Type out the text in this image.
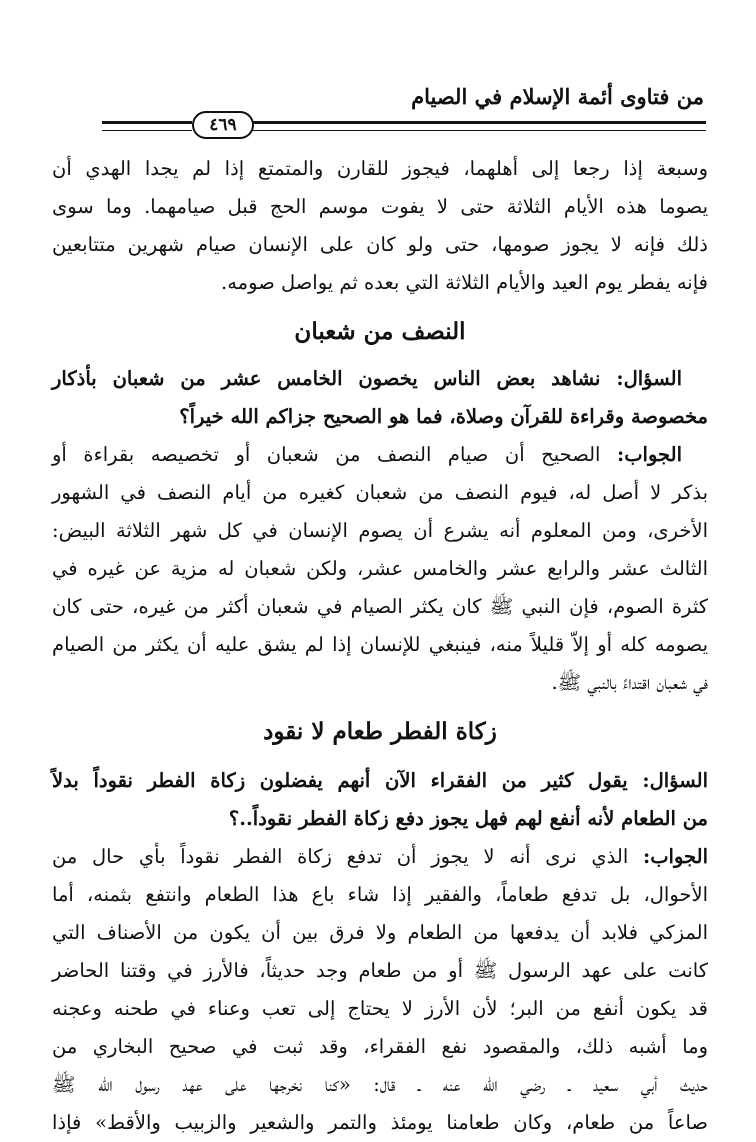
من فتاوى أئمة الإسلام في الصيام
٤٦٩
وسبعة إذا رجعا إلى أهلهما، فيجوز للقارن والمتمتع إذا لم يجدا الهدي أن
يصوما هذه الأيام الثلاثة حتى لا يفوت موسم الحج قبل صيامهما. وما سوى
ذلك فإنه لا يجوز صومها، حتى ولو كان على الإنسان صيام شهرين متتابعين
فإنه يفطر يوم العيد والأيام الثلاثة التي بعده ثم يواصل صومه.
النصف من شعبان
السؤال: نشاهد بعض الناس يخصون الخامس عشر من شعبان بأذكار
مخصوصة وقراءة للقرآن وصلاة، فما هو الصحيح جزاكم الله خيراً؟
الجواب: الصحيح أن صيام النصف من شعبان أو تخصيصه بقراءة أو
بذكر لا أصل له، فيوم النصف من شعبان كغيره من أيام النصف في الشهور
الأخرى، ومن المعلوم أنه يشرع أن يصوم الإنسان في كل شهر الثلاثة البيض:
الثالث عشر والرابع عشر والخامس عشر، ولكن شعبان له مزية عن غيره في
كثرة الصوم، فإن النبي ﷺ كان يكثر الصيام في شعبان أكثر من غيره، حتى كان
يصومه كله أو إلاّ قليلاً منه، فينبغي للإنسان إذا لم يشق عليه أن يكثر من الصيام
في شعبان اقتداءً بالنبي ﷺ.
زكاة الفطر طعام لا نقود
السؤال: يقول كثير من الفقراء الآن أنهم يفضلون زكاة الفطر نقوداً بدلاً
من الطعام لأنه أنفع لهم فهل يجوز دفع زكاة الفطر نقوداً..؟
الجواب: الذي نرى أنه لا يجوز أن تدفع زكاة الفطر نقوداً بأي حال من
الأحوال، بل تدفع طعاماً، والفقير إذا شاء باع هذا الطعام وانتفع بثمنه، أما
المزكي فلابد أن يدفعها من الطعام ولا فرق بين أن يكون من الأصناف التي
كانت على عهد الرسول ﷺ أو من طعام وجد حديثاً، فالأرز في وقتنا الحاضر
قد يكون أنفع من البر؛ لأن الأرز لا يحتاج إلى تعب وعناء في طحنه وعجنه
وما أشبه ذلك، والمقصود نفع الفقراء، وقد ثبت في صحيح البخاري من
حديث أبي سعيد ـ رضي الله عنه ـ قال: «كنا نخرجها على عهد رسول الله ﷺ
صاعاً من طعام، وكان طعامنا يومئذ والتمر والشعير والزبيب والأقط» فإذا
